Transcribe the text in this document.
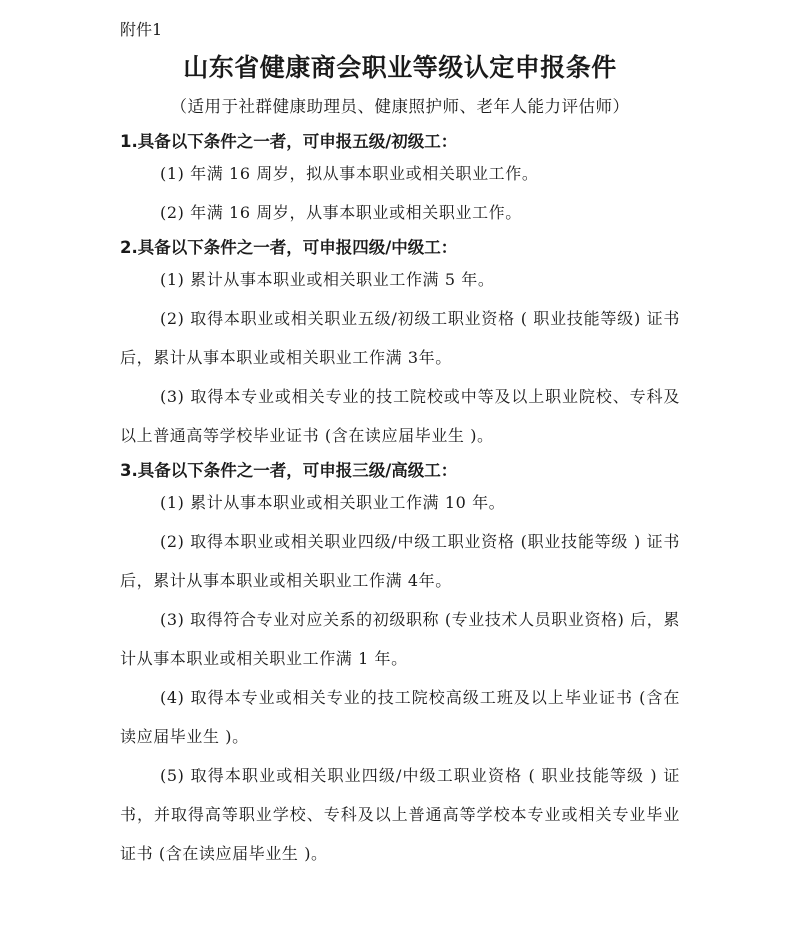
附件1

山东省健康商会职业等级认定申报条件

（适用于社群健康助理员、健康照护师、老年人能力评估师）

1.具备以下条件之一者，可申报五级/初级工：

(1) 年满 16 周岁，拟从事本职业或相关职业工作。

(2) 年满 16 周岁，从事本职业或相关职业工作。

2.具备以下条件之一者，可申报四级/中级工：

(1) 累计从事本职业或相关职业工作满 5 年。

(2) 取得本职业或相关职业五级/初级工职业资格 ( 职业技能等级) 证书后，累计从事本职业或相关职业工作满 3年。

(3) 取得本专业或相关专业的技工院校或中等及以上职业院校、专科及以上普通高等学校毕业证书 (含在读应届毕业生 )。

3.具备以下条件之一者，可申报三级/高级工：

(1) 累计从事本职业或相关职业工作满 10 年。

(2) 取得本职业或相关职业四级/中级工职业资格 (职业技能等级 ) 证书后，累计从事本职业或相关职业工作满 4年。

(3) 取得符合专业对应关系的初级职称 (专业技术人员职业资格) 后，累计从事本职业或相关职业工作满 1 年。

(4) 取得本专业或相关专业的技工院校高级工班及以上毕业证书 (含在读应届毕业生 )。

(5) 取得本职业或相关职业四级/中级工职业资格 ( 职业技能等级 ) 证书，并取得高等职业学校、专科及以上普通高等学校本专业或相关专业毕业证书 (含在读应届毕业生 )。
